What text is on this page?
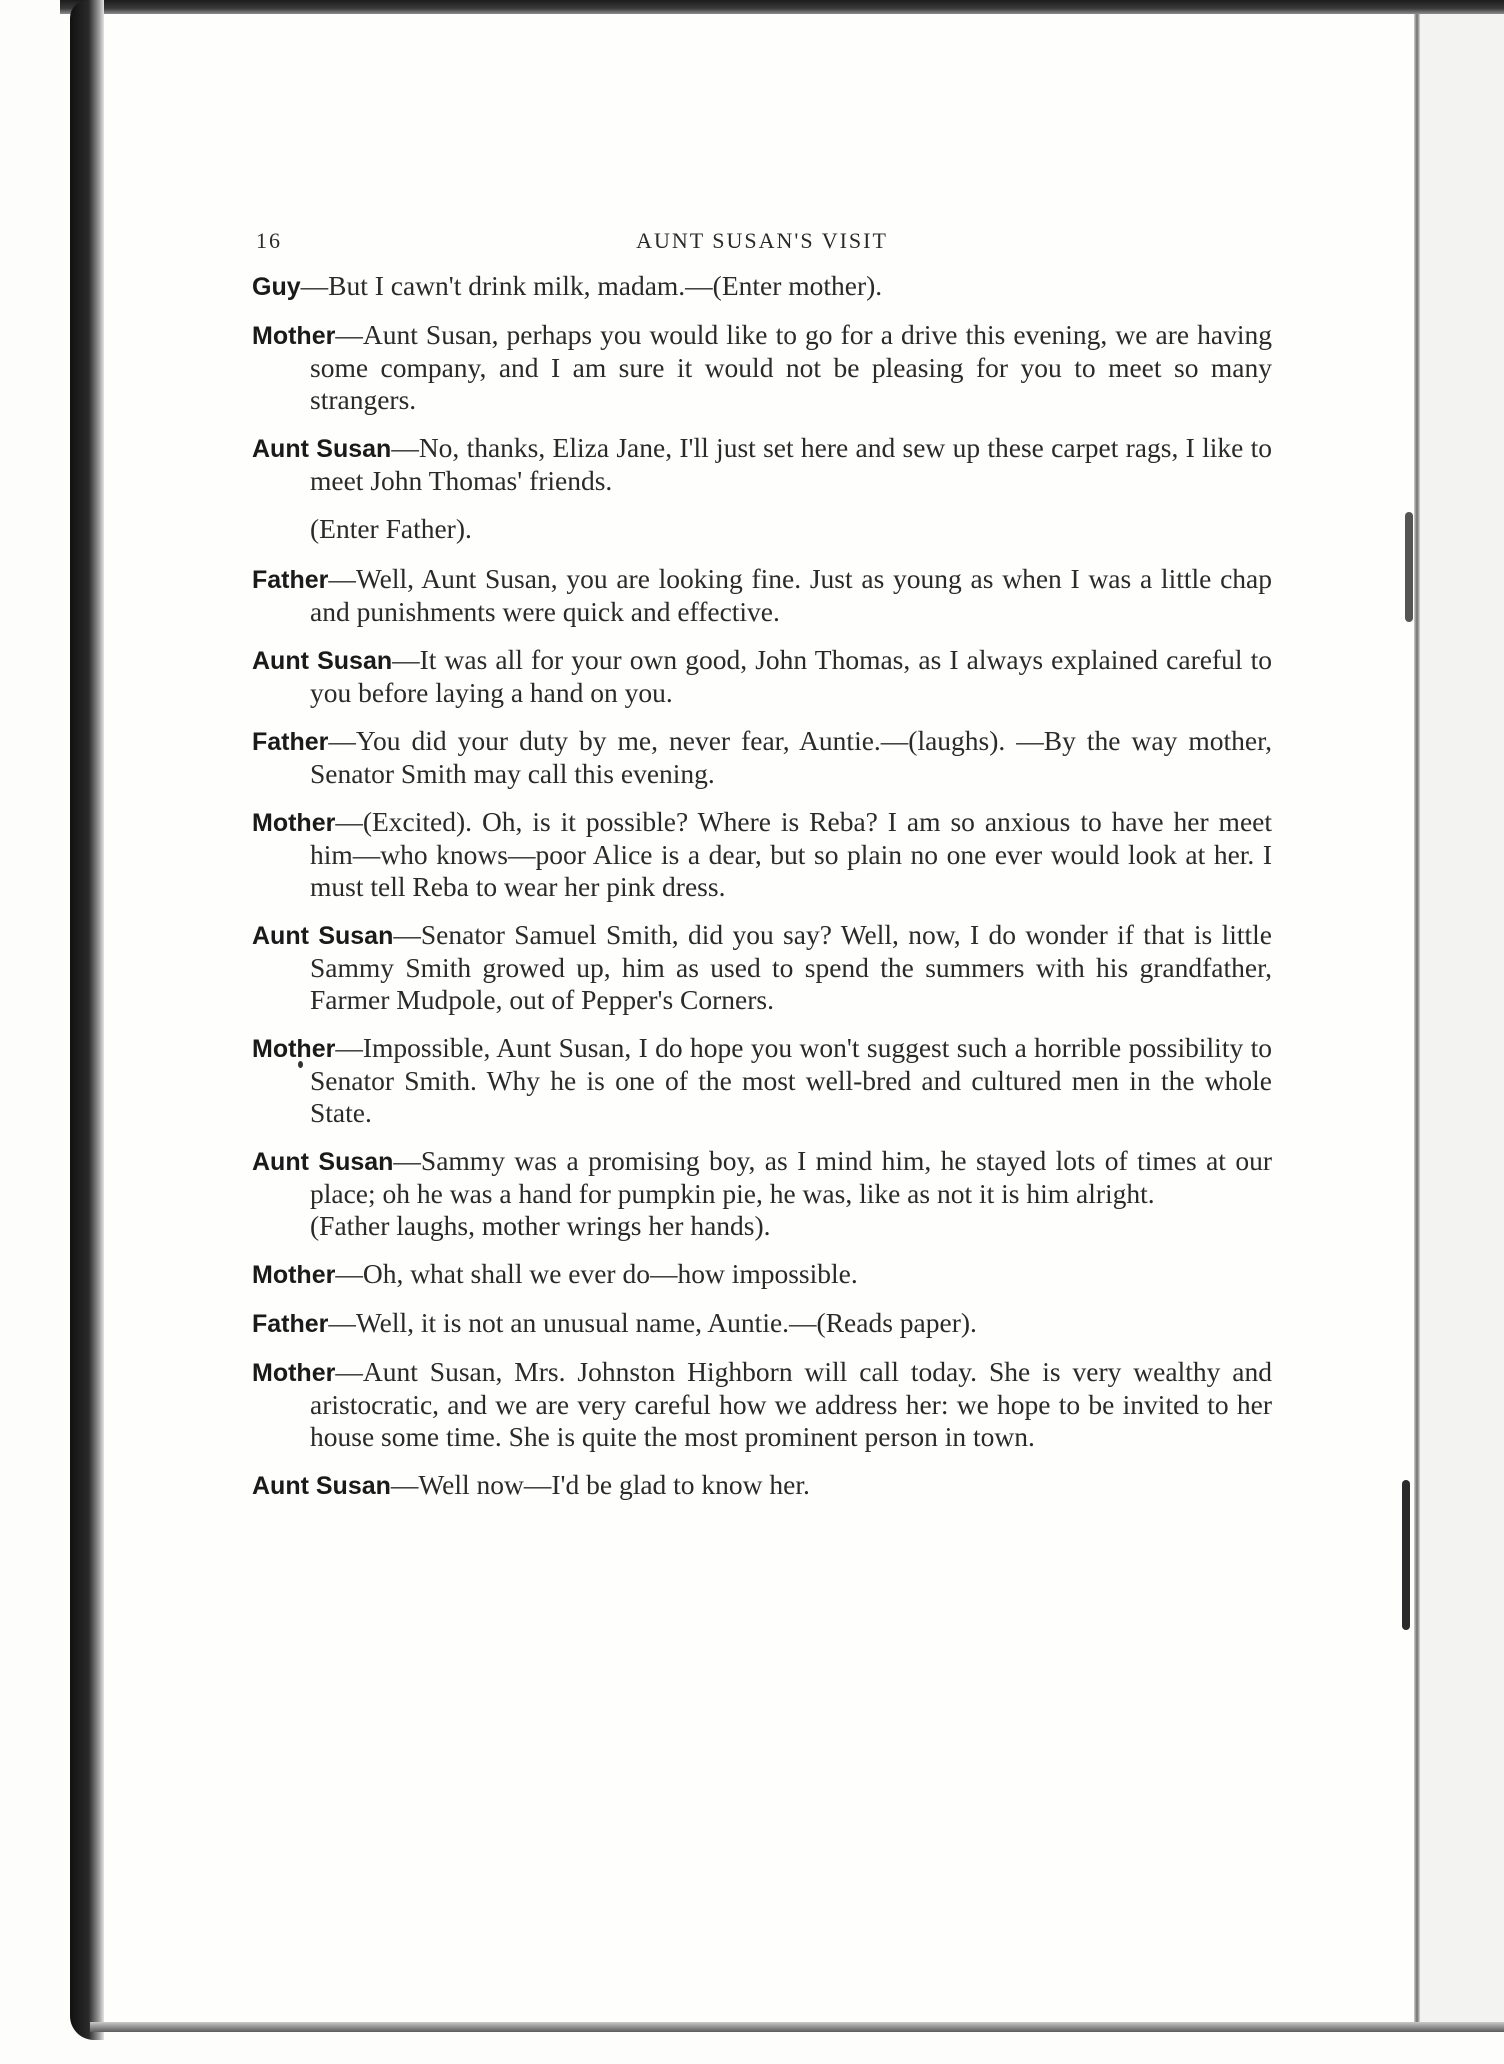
16	AUNT SUSAN'S VISIT

Guy—But I cawn't drink milk, madam.—(Enter mother).

Mother—Aunt Susan, perhaps you would like to go for a drive this evening, we are having some company, and I am sure it would not be pleasing for you to meet so many strangers.

Aunt Susan—No, thanks, Eliza Jane, I'll just set here and sew up these carpet rags, I like to meet John Thomas' friends.

(Enter Father).

Father—Well, Aunt Susan, you are looking fine. Just as young as when I was a little chap and punishments were quick and effective.

Aunt Susan—It was all for your own good, John Thomas, as I always explained careful to you before laying a hand on you.

Father—You did your duty by me, never fear, Auntie.—(laughs). —By the way mother, Senator Smith may call this evening.

Mother—(Excited). Oh, is it possible? Where is Reba? I am so anxious to have her meet him—who knows—poor Alice is a dear, but so plain no one ever would look at her. I must tell Reba to wear her pink dress.

Aunt Susan—Senator Samuel Smith, did you say? Well, now, I do wonder if that is little Sammy Smith growed up, him as used to spend the summers with his grandfather, Farmer Mudpole, out of Pepper's Corners.

Mother—Impossible, Aunt Susan, I do hope you won't suggest such a horrible possibility to Senator Smith. Why he is one of the most well-bred and cultured men in the whole State.

Aunt Susan—Sammy was a promising boy, as I mind him, he stayed lots of times at our place; oh he was a hand for pumpkin pie, he was, like as not it is him alright.
(Father laughs, mother wrings her hands).

Mother—Oh, what shall we ever do—how impossible.

Father—Well, it is not an unusual name, Auntie.—(Reads paper).

Mother—Aunt Susan, Mrs. Johnston Highborn will call today. She is very wealthy and aristocratic, and we are very careful how we address her: we hope to be invited to her house some time. She is quite the most prominent person in town.

Aunt Susan—Well now—I'd be glad to know her.
